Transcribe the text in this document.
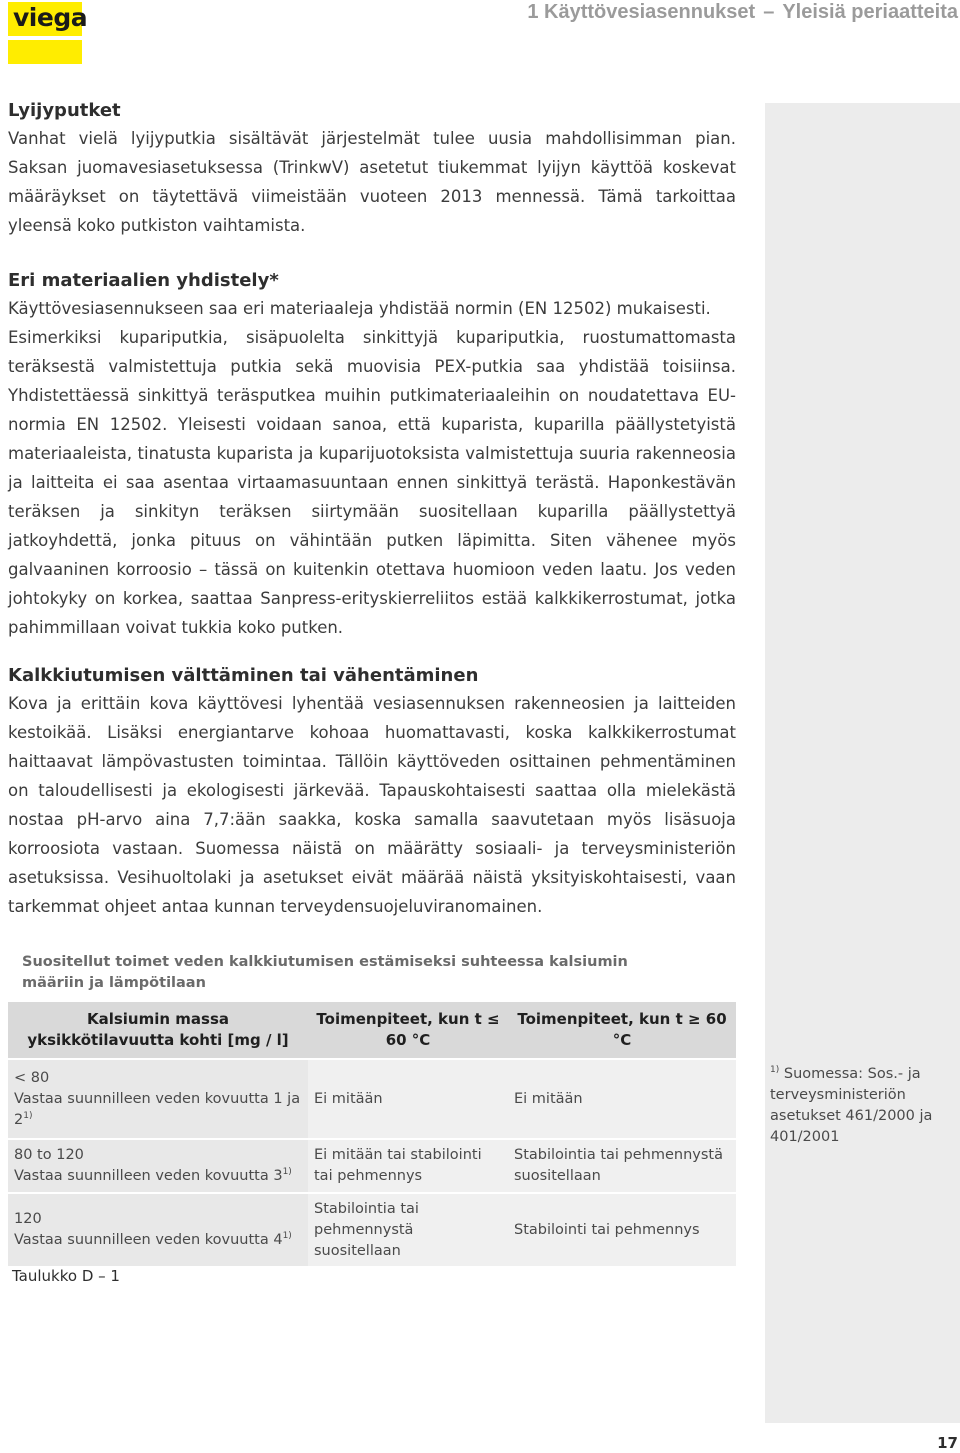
viega	1 Käyttövesiasennukset – Yleisiä periaatteita
Lyijyputket

Vanhat vielä lyijyputkia sisältävät järjestelmät tulee uusia mahdollisimman pian. Saksan juomavesiasetuksessa (TrinkwV) asetetut tiukemmat lyijyn käyttöä koskevat määräykset on täytettävä viimeistään vuoteen 2013 mennessä. Tämä tarkoittaa yleensä koko putkiston vaihtamista.

Eri materiaalien yhdistely*

Käyttövesiasennukseen saa eri materiaaleja yhdistää normin (EN 12502) mukaisesti.

Esimerkiksi kupariputkia, sisäpuolelta sinkittyjä kupariputkia, ruostumattomasta teräksestä valmistettuja putkia sekä muovisia PEX-putkia saa yhdistää toisiinsa. Yhdistettäessä sinkittyä teräsputkea muihin putkimateriaaleihin on noudatettava EU-normia EN 12502. Yleisesti voidaan sanoa, että kuparista, kuparilla päällystetyistä materiaaleista, tinatusta kuparista ja kuparijuotoksista valmistettuja suuria rakenneosia ja laitteita ei saa asentaa virtaamasuuntaan ennen sinkittyä terästä. Haponkestävän teräksen ja sinkityn teräksen siirtymään suositellaan kuparilla päällystettyä jatkoyhdettä, jonka pituus on vähintään putken läpimitta. Siten vähenee myös galvaaninen korroosio – tässä on kuitenkin otettava huomioon veden laatu. Jos veden johtokyky on korkea, saattaa Sanpress-erityskierreliitos estää kalkkikerrostumat, jotka pahimmillaan voivat tukkia koko putken.

Kalkkiutumisen välttäminen tai vähentäminen

Kova ja erittäin kova käyttövesi lyhentää vesiasennuksen rakenneosien ja laitteiden kestoikää. Lisäksi energiantarve kohoaa huomattavasti, koska kalkkikerrostumat haittaavat lämpövastusten toimintaa. Tällöin käyttöveden osittainen pehmentäminen on taloudellisesti ja ekologisesti järkevää. Tapauskohtaisesti saattaa olla mielekästä nostaa pH-arvo aina 7,7:ään saakka, koska samalla saavutetaan myös lisäsuoja korroosiota vastaan. Suomessa näistä on määrätty sosiaali- ja terveysministeriön asetuksissa. Vesihuoltolaki ja asetukset eivät määrää näistä yksityiskohtaisesti, vaan tarkemmat ohjeet antaa kunnan terveydensuojeluviranomainen.

Suositellut toimet veden kalkkiutumisen estämiseksi suhteessa kalsiumin määriin ja lämpötilaan
Kalsiumin massa yksikkötilavuutta kohti [mg / l]	Toimenpiteet, kun t ≤ 60 °C	Toimenpiteet, kun t ≥ 60 °C

< 80
Vastaa suunnilleen veden kovuutta 1 ja 2$^{1)}$	Ei mitään	Ei mitään

80 to 120
Vastaa suunnilleen veden kovuutta 3$^{1)}$	Ei mitään tai stabilointi tai pehmennys	Stabilointia tai pehmennystä suositellaan

120
Vastaa suunnilleen veden kovuutta 4$^{1)}$	Stabilointia tai pehmennystä suositellaan	Stabilointi tai pehmennys
Taulukko D – 1
$^{1)}$ Suomessa: Sos.- ja terveysministeriön asetukset 461/2000 ja 401/2001
17
